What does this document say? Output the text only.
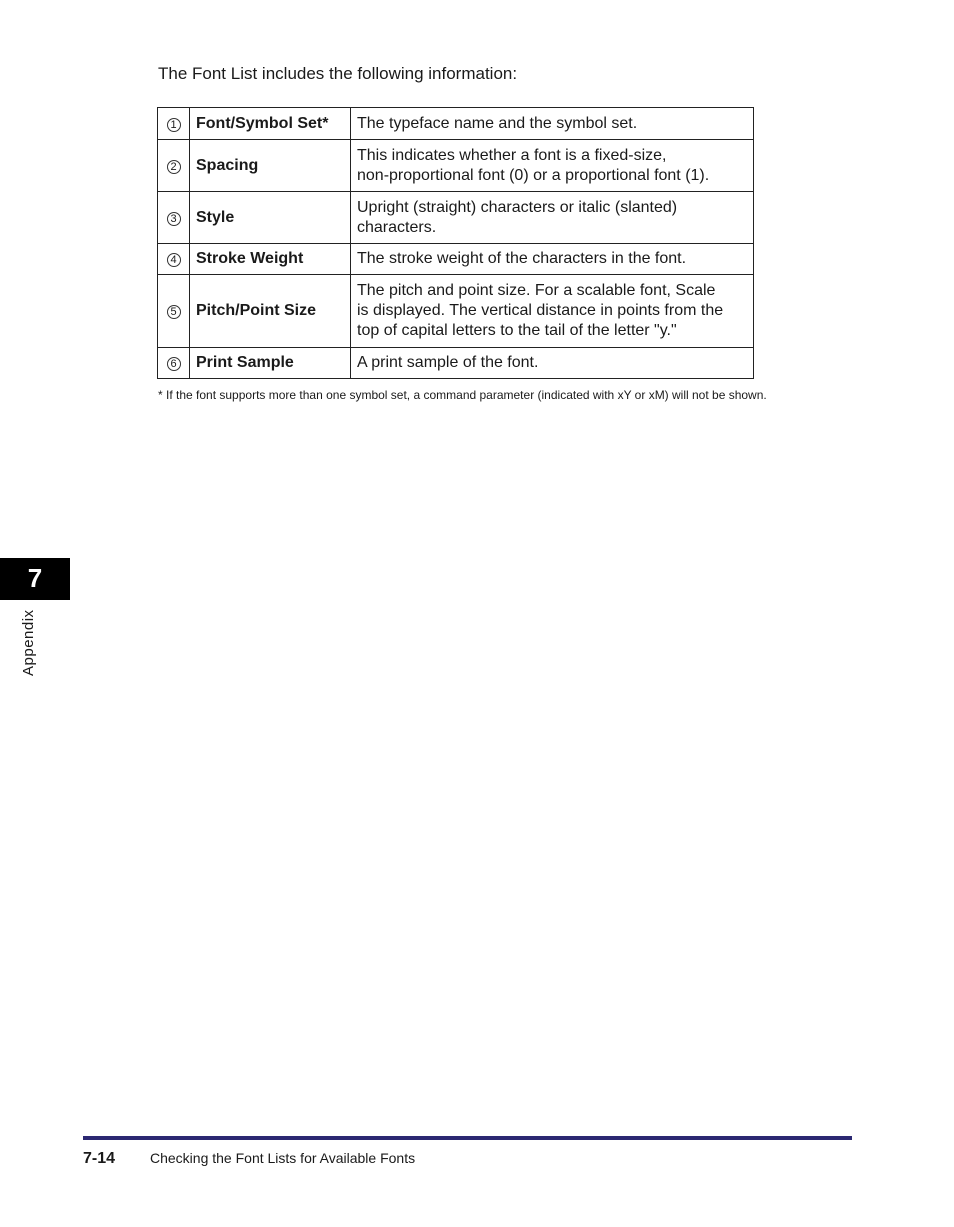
The Font List includes the following information:

1	Font/Symbol Set*	The typeface name and the symbol set.

2	Spacing	This indicates whether a font is a fixed-size,
non-proportional font (0) or a proportional font (1).

3	Style	Upright (straight) characters or italic (slanted)
characters.

4	Stroke Weight	The stroke weight of the characters in the font.

5	Pitch/Point Size	The pitch and point size. For a scalable font, Scale
is displayed. The vertical distance in points from the
top of capital letters to the tail of the letter "y."

6	Print Sample	A print sample of the font.

* If the font supports more than one symbol set, a command parameter (indicated with xY or xM) will not be shown.

7
Appendix
7-14 Checking the Font Lists for Available Fonts
